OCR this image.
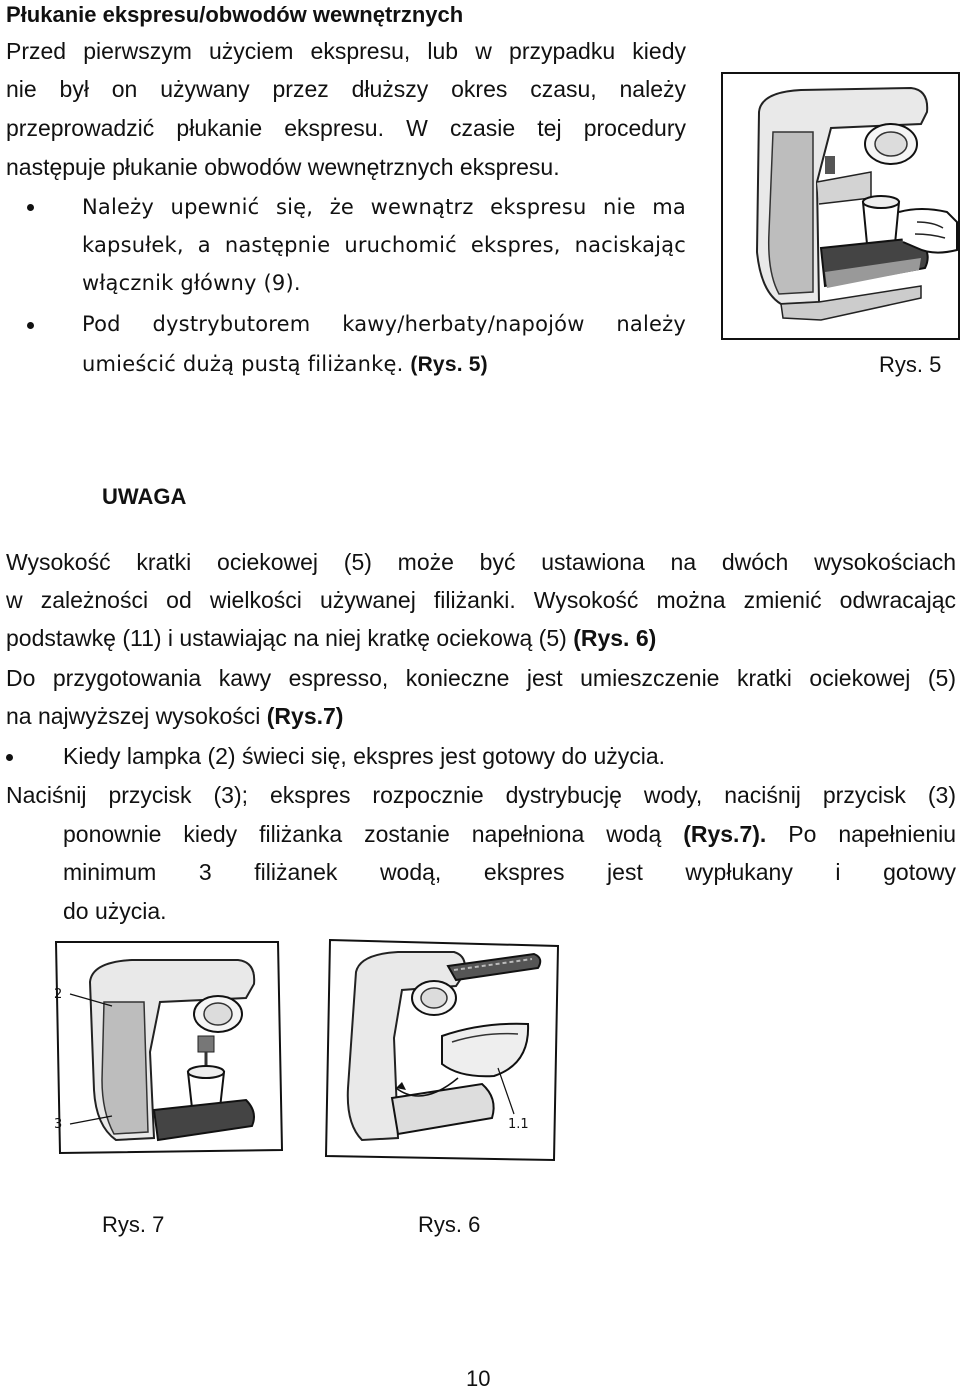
Płukanie ekspresu/obwodów wewnętrznych
Przed pierwszym użyciem ekspresu, lub w przypadku kiedy
nie był on używany przez dłuższy okres czasu, należy
przeprowadzić płukanie ekspresu. W czasie tej procedury
następuje płukanie obwodów wewnętrznych ekspresu.
Należy upewnić się, że wewnątrz ekspresu nie ma
kapsułek, a następnie uruchomić ekspres, naciskając
włącznik główny (9).
Pod dystrybutorem kawy/herbaty/napojów należy
umieścić dużą pustą filiżankę. (Rys. 5)	Rys. 5
UWAGA
Wysokość kratki ociekowej (5) może być ustawiona na dwóch wysokościach
w zależności od wielkości używanej filiżanki. Wysokość można zmienić odwracając
podstawkę (11) i ustawiając na niej kratkę ociekową (5) (Rys. 6)
Do przygotowania kawy espresso, konieczne jest umieszczenie kratki ociekowej (5)
na najwyższej wysokości (Rys.7)
Kiedy lampka (2) świeci się, ekspres jest gotowy do użycia.
Naciśnij przycisk (3); ekspres rozpocznie dystrybucję wody, naciśnij przycisk (3)
ponownie kiedy filiżanka zostanie napełniona wodą (Rys.7). Po napełnieniu
minimum 3 filiżanek wodą, ekspres jest wypłukany i gotowy
do użycia.
2
3
Rys. 7
1.1
Rys. 6
10
